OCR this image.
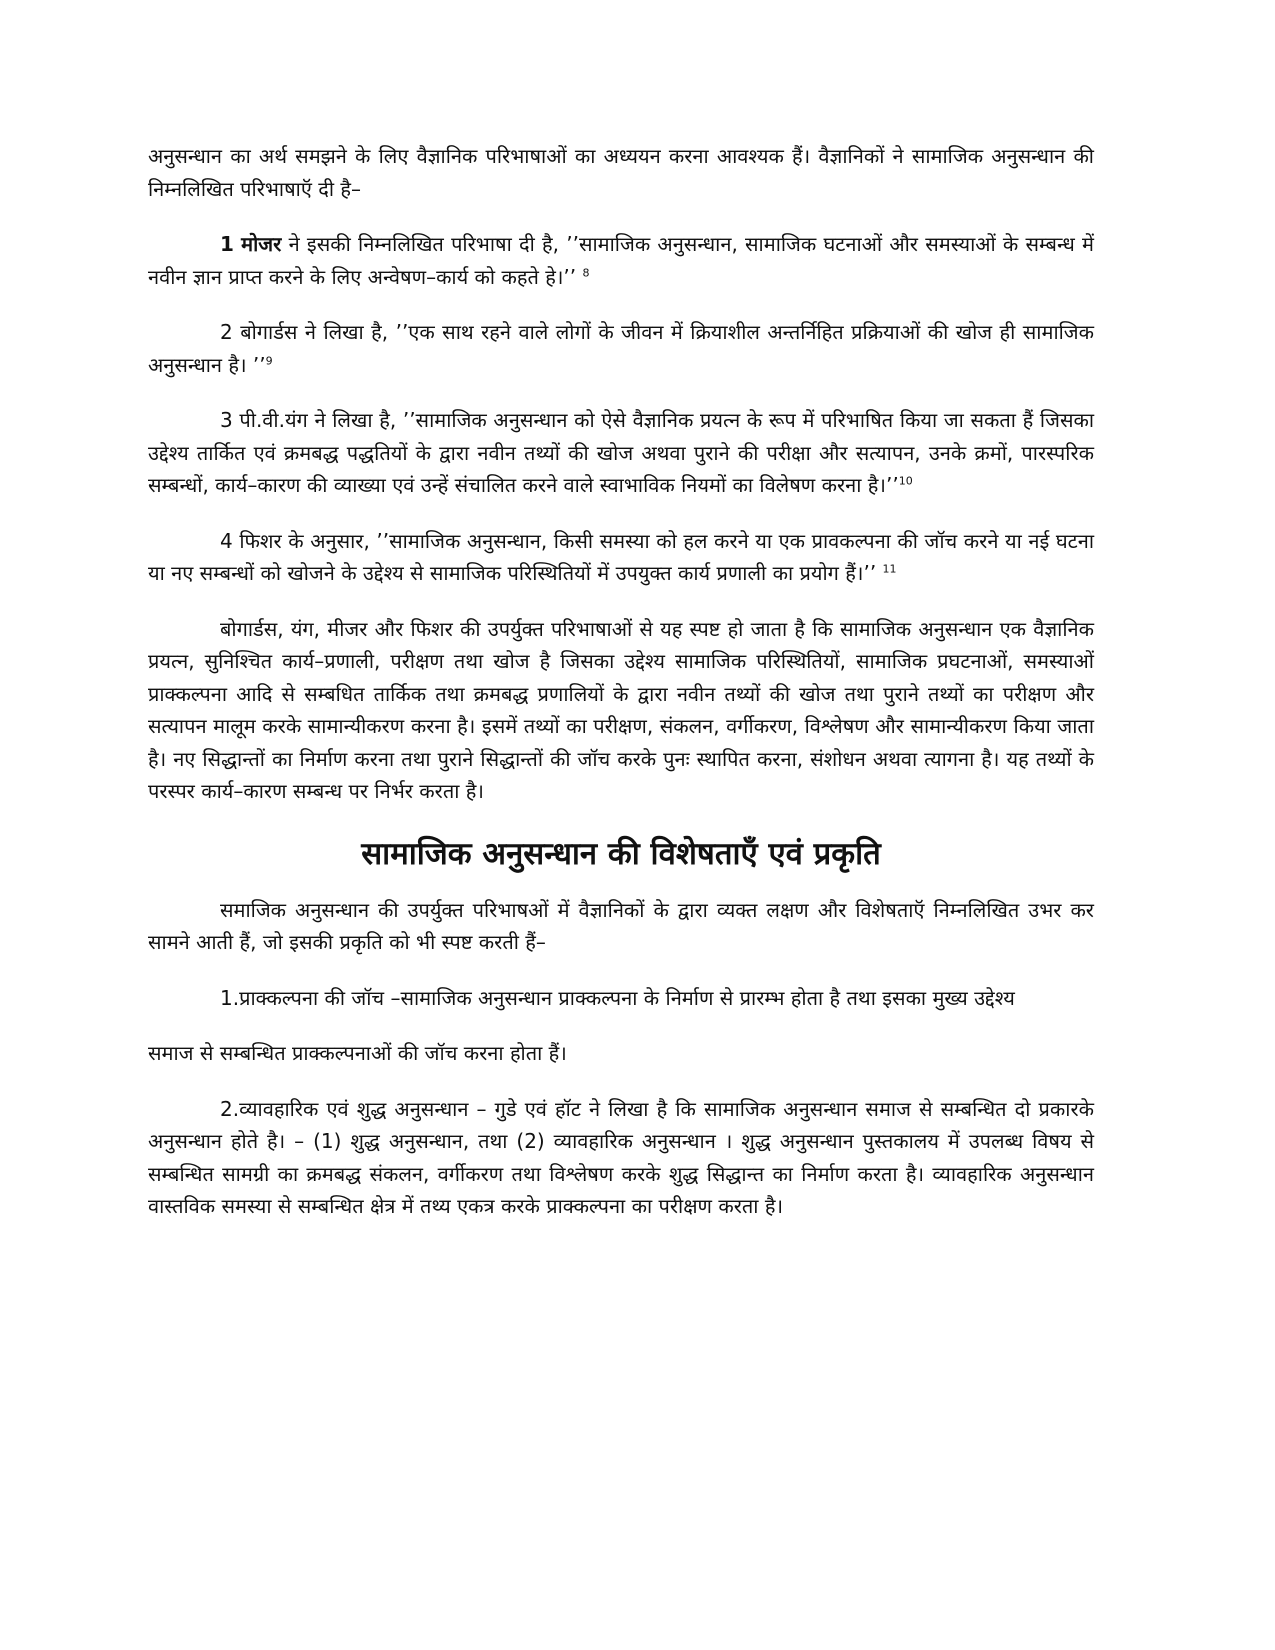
अनुसन्धान का अर्थ समझने के लिए वैज्ञानिक परिभाषाओं का अध्ययन करना आवश्यक हैं। वैज्ञानिकों ने सामाजिक अनुसन्धान की निम्नलिखित परिभाषाऍ दी है–

1 मोजर ने इसकी निम्नलिखित परिभाषा दी है, ’’सामाजिक अनुसन्धान, सामाजिक घटनाओं और समस्याओं के सम्बन्ध में नवीन ज्ञान प्राप्त करने के लिए अन्वेषण–कार्य को कहते हे।’’ $^8$

2 बोगार्डस ने लिखा है, ’’एक साथ रहने वाले लोगों के जीवन में क्रियाशील अन्तर्निहित प्रक्रियाओं की खोज ही सामाजिक अनुसन्धान है। ’’$^9$

3 पी.वी.यंग ने लिखा है, ’’सामाजिक अनुसन्धान को ऐसे वैज्ञानिक प्रयत्न के रूप में परिभाषित किया जा सकता हैं जिसका उद्देश्य तार्कित एवं क्रमबद्ध पद्धतियों के द्वारा नवीन तथ्यों की खोज अथवा पुराने की परीक्षा और सत्यापन, उनके क्रमों, पारस्परिक सम्बन्धों, कार्य–कारण की व्याख्या एवं उन्हें संचालित करने वाले स्वाभाविक नियमों का विलेषण करना है।’’$^{10}$

4 फिशर के अनुसार, ’’सामाजिक अनुसन्धान, किसी समस्या को हल करने या एक प्रावकल्पना की जॉच करने या नई घटना या नए सम्बन्धों को खोजने के उद्देश्य से सामाजिक परिस्थितियों में उपयुक्त कार्य प्रणाली का प्रयोग हैं।’’ $^{11}$

बोगार्डस, यंग, मीजर और फिशर की उपर्युक्त परिभाषाओं से यह स्पष्ट हो जाता है कि सामाजिक अनुसन्धान एक वैज्ञानिक प्रयत्न, सुनिश्चित कार्य–प्रणाली, परीक्षण तथा खोज है जिसका उद्देश्य सामाजिक परिस्थितियों, सामाजिक प्रघटनाओं, समस्याओं प्राक्कल्पना आदि से सम्बधित तार्किक तथा क्रमबद्ध प्रणालियों के द्वारा नवीन तथ्यों की खोज तथा पुराने तथ्यों का परीक्षण और सत्यापन मालूम करके सामान्यीकरण करना है। इसमें तथ्यों का परीक्षण, संकलन, वर्गीकरण, विश्लेषण और सामान्यीकरण किया जाता है। नए सिद्धान्तों का निर्माण करना तथा पुराने सिद्धान्तों की जॉच करके पुनः स्थापित करना, संशोधन अथवा त्यागना है। यह तथ्यों के परस्पर कार्य–कारण सम्बन्ध पर निर्भर करता है।

सामाजिक अनुसन्धान की विशेषताऍं एवं प्रकृति

समाजिक अनुसन्धान की उपर्युक्त परिभाषओं में वैज्ञानिकों के द्वारा व्यक्त लक्षण और विशेषताऍ निम्नलिखित उभर कर सामने आती हैं, जो इसकी प्रकृति को भी स्पष्ट करती हैं–

1.प्राक्कल्पना की जॉच –सामाजिक अनुसन्धान प्राक्कल्पना के निर्माण से प्रारम्भ होता है तथा इसका मुख्य उद्देश्य

समाज से सम्बन्धित प्राक्कल्पनाओं की जॉच करना होता हैं।

2.व्यावहारिक एवं शुद्ध अनुसन्धान – गुडे एवं हॉट ने लिखा है कि सामाजिक अनुसन्धान समाज से सम्बन्धित दो प्रकारके अनुसन्धान होते है। – (1) शुद्ध अनुसन्धान, तथा (2) व्यावहारिक अनुसन्धान । शुद्ध अनुसन्धान पुस्तकालय में उपलब्ध विषय से सम्बन्धित सामग्री का क्रमबद्ध संकलन, वर्गीकरण तथा विश्लेषण करके शुद्ध सिद्धान्त का निर्माण करता है। व्यावहारिक अनुसन्धान वास्तविक समस्या से सम्बन्धित क्षेत्र में तथ्य एकत्र करके प्राक्कल्पना का परीक्षण करता है।
